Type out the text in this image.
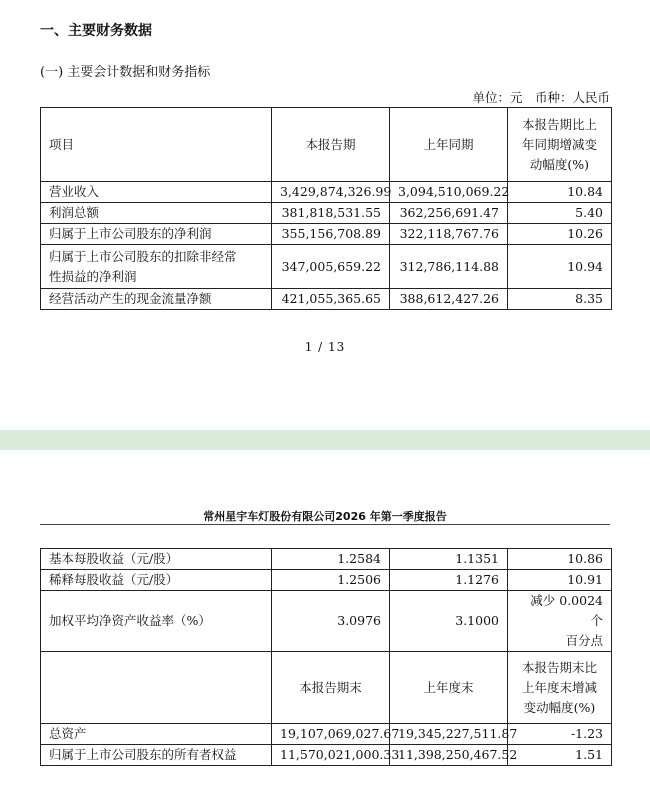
一、主要财务数据
(一) 主要会计数据和财务指标
单位：元　币种：人民币
项目	本报告期	上年同期	本报告期比上
年同期增减变
动幅度(%)

营业收入	3,429,874,326.99	3,094,510,069.22	10.84
利润总额	381,818,531.55	362,256,691.47	5.40
归属于上市公司股东的净利润	355,156,708.89	322,118,767.76	10.26

归属于上市公司股东的扣除非经常
性损益的净利润	347,005,659.22	312,786,114.88	10.94
经营活动产生的现金流量净额	421,055,365.65	388,612,427.26	8.35
1 / 13
常州星宇车灯股份有限公司2026 年第一季度报告
基本每股收益（元/股）	1.2584	1.1351	10.86
稀释每股收益（元/股）	1.2506	1.1276	10.91
加权平均净资产收益率（%）	3.0976	3.1000	减少 0.0024 个
百分点

	本报告期末	上年度末	本报告期末比
上年度末增减
变动幅度(%)

总资产	19,107,069,027.67	19,345,227,511.87	-1.23
归属于上市公司股东的所有者权益	11,570,021,000.33	11,398,250,467.52	1.51
